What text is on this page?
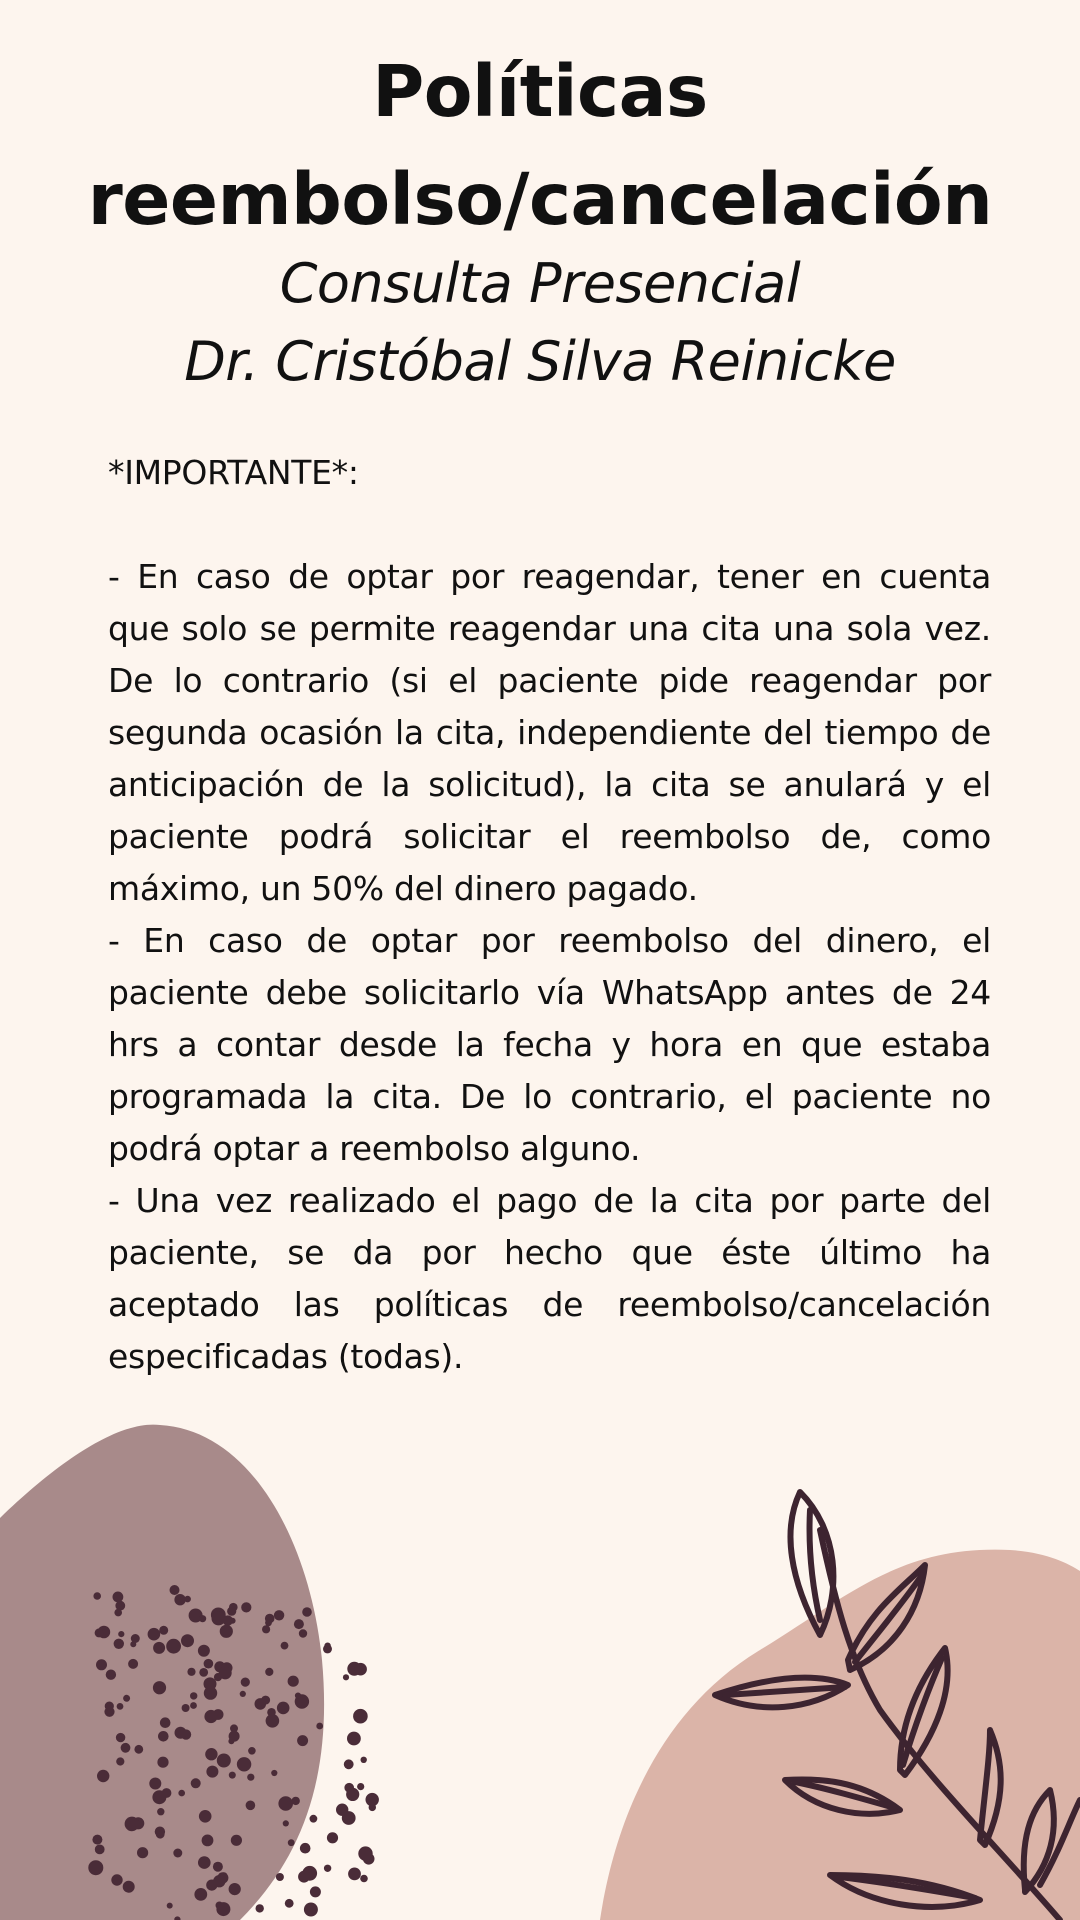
Políticas
reembolso/cancelación

Consulta Presencial

Dr. Cristóbal Silva Reinicke

*IMPORTANTE*:

- En caso de optar por reagendar, tener en cuenta que solo se permite reagendar una cita una sola vez. De lo contrario (si el paciente pide reagendar por segunda ocasión la cita, independiente del tiempo de anticipación de la solicitud), la cita se anulará y el paciente podrá solicitar el reembolso de, como máximo, un 50% del dinero pagado.

- En caso de optar por reembolso del dinero, el paciente debe solicitarlo vía WhatsApp antes de 24 hrs a contar desde la fecha y hora en que estaba programada la cita. De lo contrario, el paciente no podrá optar a reembolso alguno.

- Una vez realizado el pago de la cita por parte del paciente, se da por hecho que éste último ha aceptado las políticas de reembolso/cancelación especificadas (todas).
